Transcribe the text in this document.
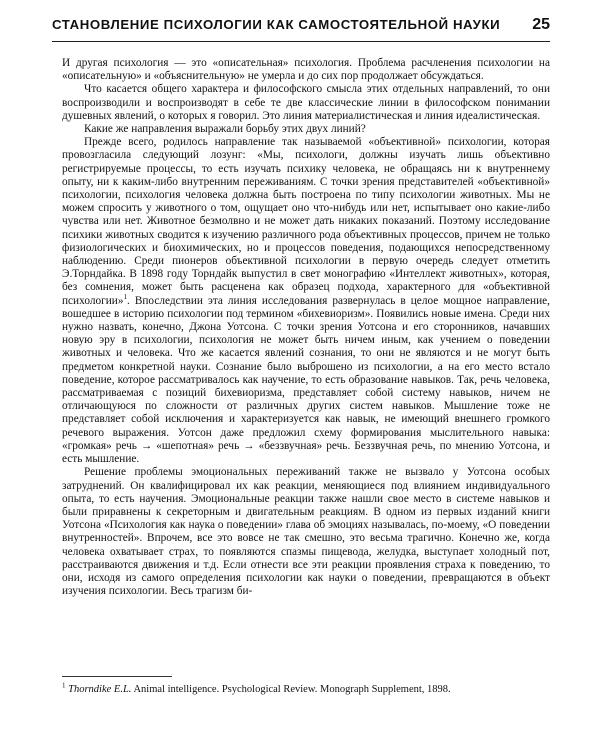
СТАНОВЛЕНИЕ ПСИХОЛОГИИ КАК САМОСТОЯТЕЛЬНОЙ НАУКИ 25

И другая психология — это «описательная» психология. Проблема расчленения психологии на «описательную» и «объяснительную» не умерла и до сих пор продолжает обсуждаться.

Что касается общего характера и философского смысла этих отдельных направлений, то они воспроизводили и воспроизводят в себе те две классические линии в философском понимании душевных явлений, о которых я говорил. Это линия материалистическая и линия идеалистическая.

Какие же направления выражали борьбу этих двух линий?

Прежде всего, родилось направление так называемой «объективной» психологии, которая провозгласила следующий лозунг: «Мы, психологи, должны изучать лишь объективно регистрируемые процессы, то есть изучать психику человека, не обращаясь ни к внутреннему опыту, ни к каким-либо внутренним переживаниям. С точки зрения представителей «объективной» психологии, психология человека должна быть построена по типу психологии животных. Мы не можем спросить у животного о том, ощущает оно что-нибудь или нет, испытывает оно какие-либо чувства или нет. Животное безмолвно и не может дать никаких показаний. Поэтому исследование психики животных сводится к изучению различного рода объективных процессов, причем не только физиологических и биохимических, но и процессов поведения, подающихся непосредственному наблюдению. Среди пионеров объективной психологии в первую очередь следует отметить Э.Торндайка. В 1898 году Торндайк выпустил в свет монографию «Интеллект животных», которая, без сомнения, может быть расценена как образец подхода, характерного для «объективной психологии»$^1$. Впоследствии эта линия исследования развернулась в целое мощное направление, вошедшее в историю психологии под термином «бихевиоризм». Появились новые имена. Среди них нужно назвать, конечно, Джона Уотсона. С точки зрения Уотсона и его сторонников, начавших новую эру в психологии, психология не может быть ничем иным, как учением о поведении животных и человека. Что же касается явлений сознания, то они не являются и не могут быть предметом конкретной науки. Сознание было выброшено из психологии, а на его место встало поведение, которое рассматривалось как научение, то есть образование навыков. Так, речь человека, рассматриваемая с позиций бихевиоризма, представляет собой систему навыков, ничем не отличающуюся по сложности от различных других систем навыков. Мышление тоже не представляет собой исключения и характеризуется как навык, не имеющий внешнего громкого речевого выражения. Уотсон даже предложил схему формирования мыслительного навыка: «громкая» речь → «шепотная» речь → «беззвучная» речь. Беззвучная речь, по мнению Уотсона, и есть мышление.

Решение проблемы эмоциональных переживаний также не вызвало у Уотсона особых затруднений. Он квалифицировал их как реакции, меняющиеся под влиянием индивидуального опыта, то есть научения. Эмоциональные реакции также нашли свое место в системе навыков и были приравнены к секреторным и двигательным реакциям. В одном из первых изданий книги Уотсона «Психология как наука о поведении» глава об эмоциях называлась, по-моему, «О поведении внутренностей». Впрочем, все это вовсе не так смешно, это весьма трагично. Конечно же, когда человека охватывает страх, то появляются спазмы пищевода, желудка, выступает холодный пот, расстраиваются движения и т.д. Если отнести все эти реакции проявления страха к поведению, то они, исходя из самого определения психологии как науки о поведении, превращаются в объект изучения психологии. Весь трагизм би-

$^1$ Thorndike E.L. Animal intelligence. Psychological Review. Monograph Supplement, 1898.
